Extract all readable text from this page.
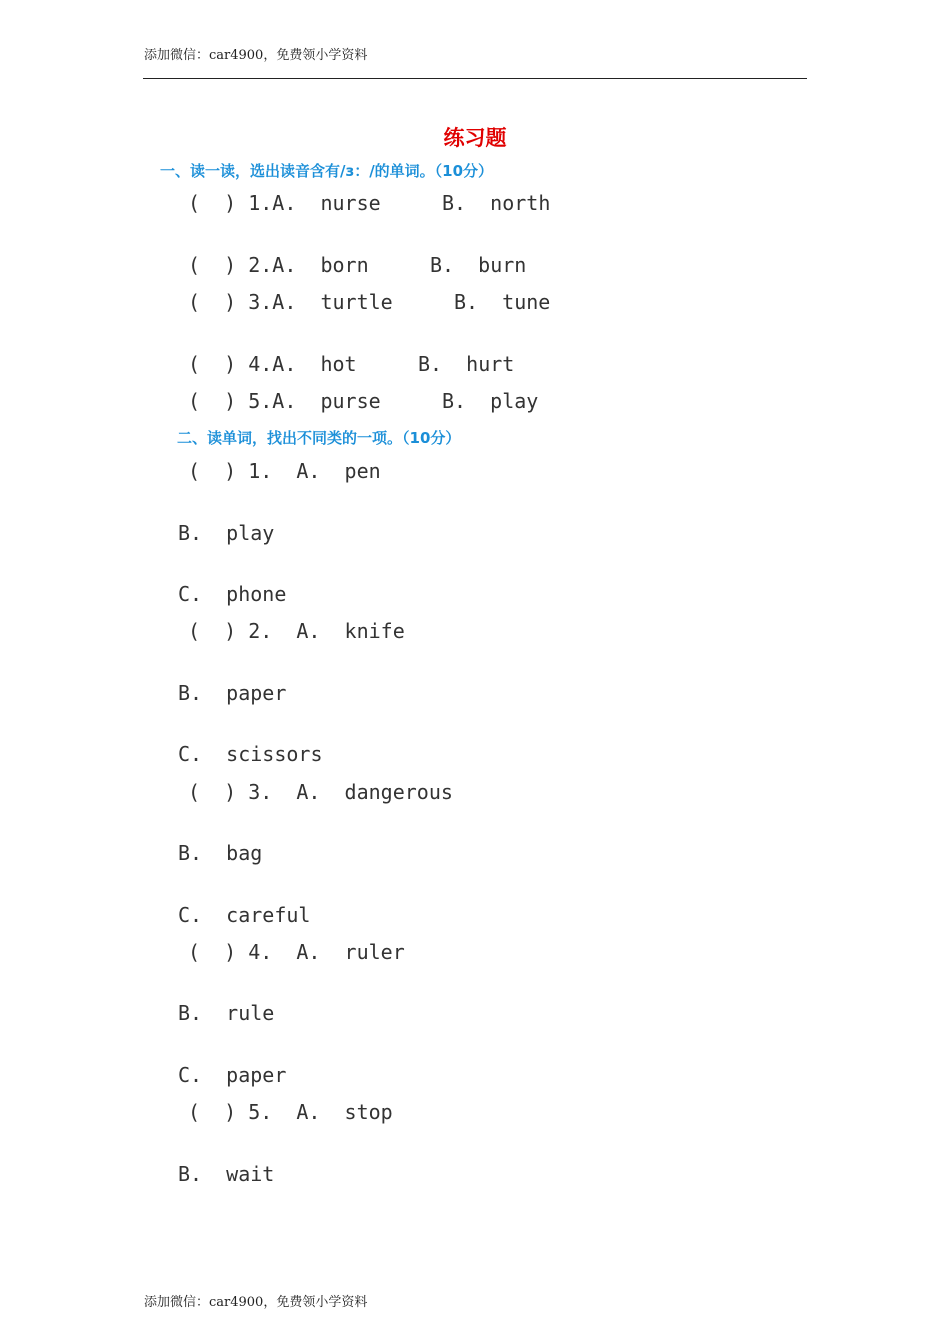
添加微信：car4900，免费领小学资料
练习题
一、读一读，选出读音含有/з：/的单词。（10分）
(  ) 1.A.  nurse	B.  north
(  ) 2.A.  born	B.  burn
(  ) 3.A.  turtle	B.  tune
(  ) 4.A.  hot	B.  hurt
(  ) 5.A.  purse	B.  play
二、读单词，找出不同类的一项。（10分）
(  ) 1.  A.  pen
B.  play
C.  phone
(  ) 2.  A.  knife
B.  paper
C.  scissors
(  ) 3.  A.  dangerous
B.  bag
C.  careful
(  ) 4.  A.  ruler
B.  rule
C.  paper
(  ) 5.  A.  stop
B.  wait
添加微信：car4900，免费领小学资料
